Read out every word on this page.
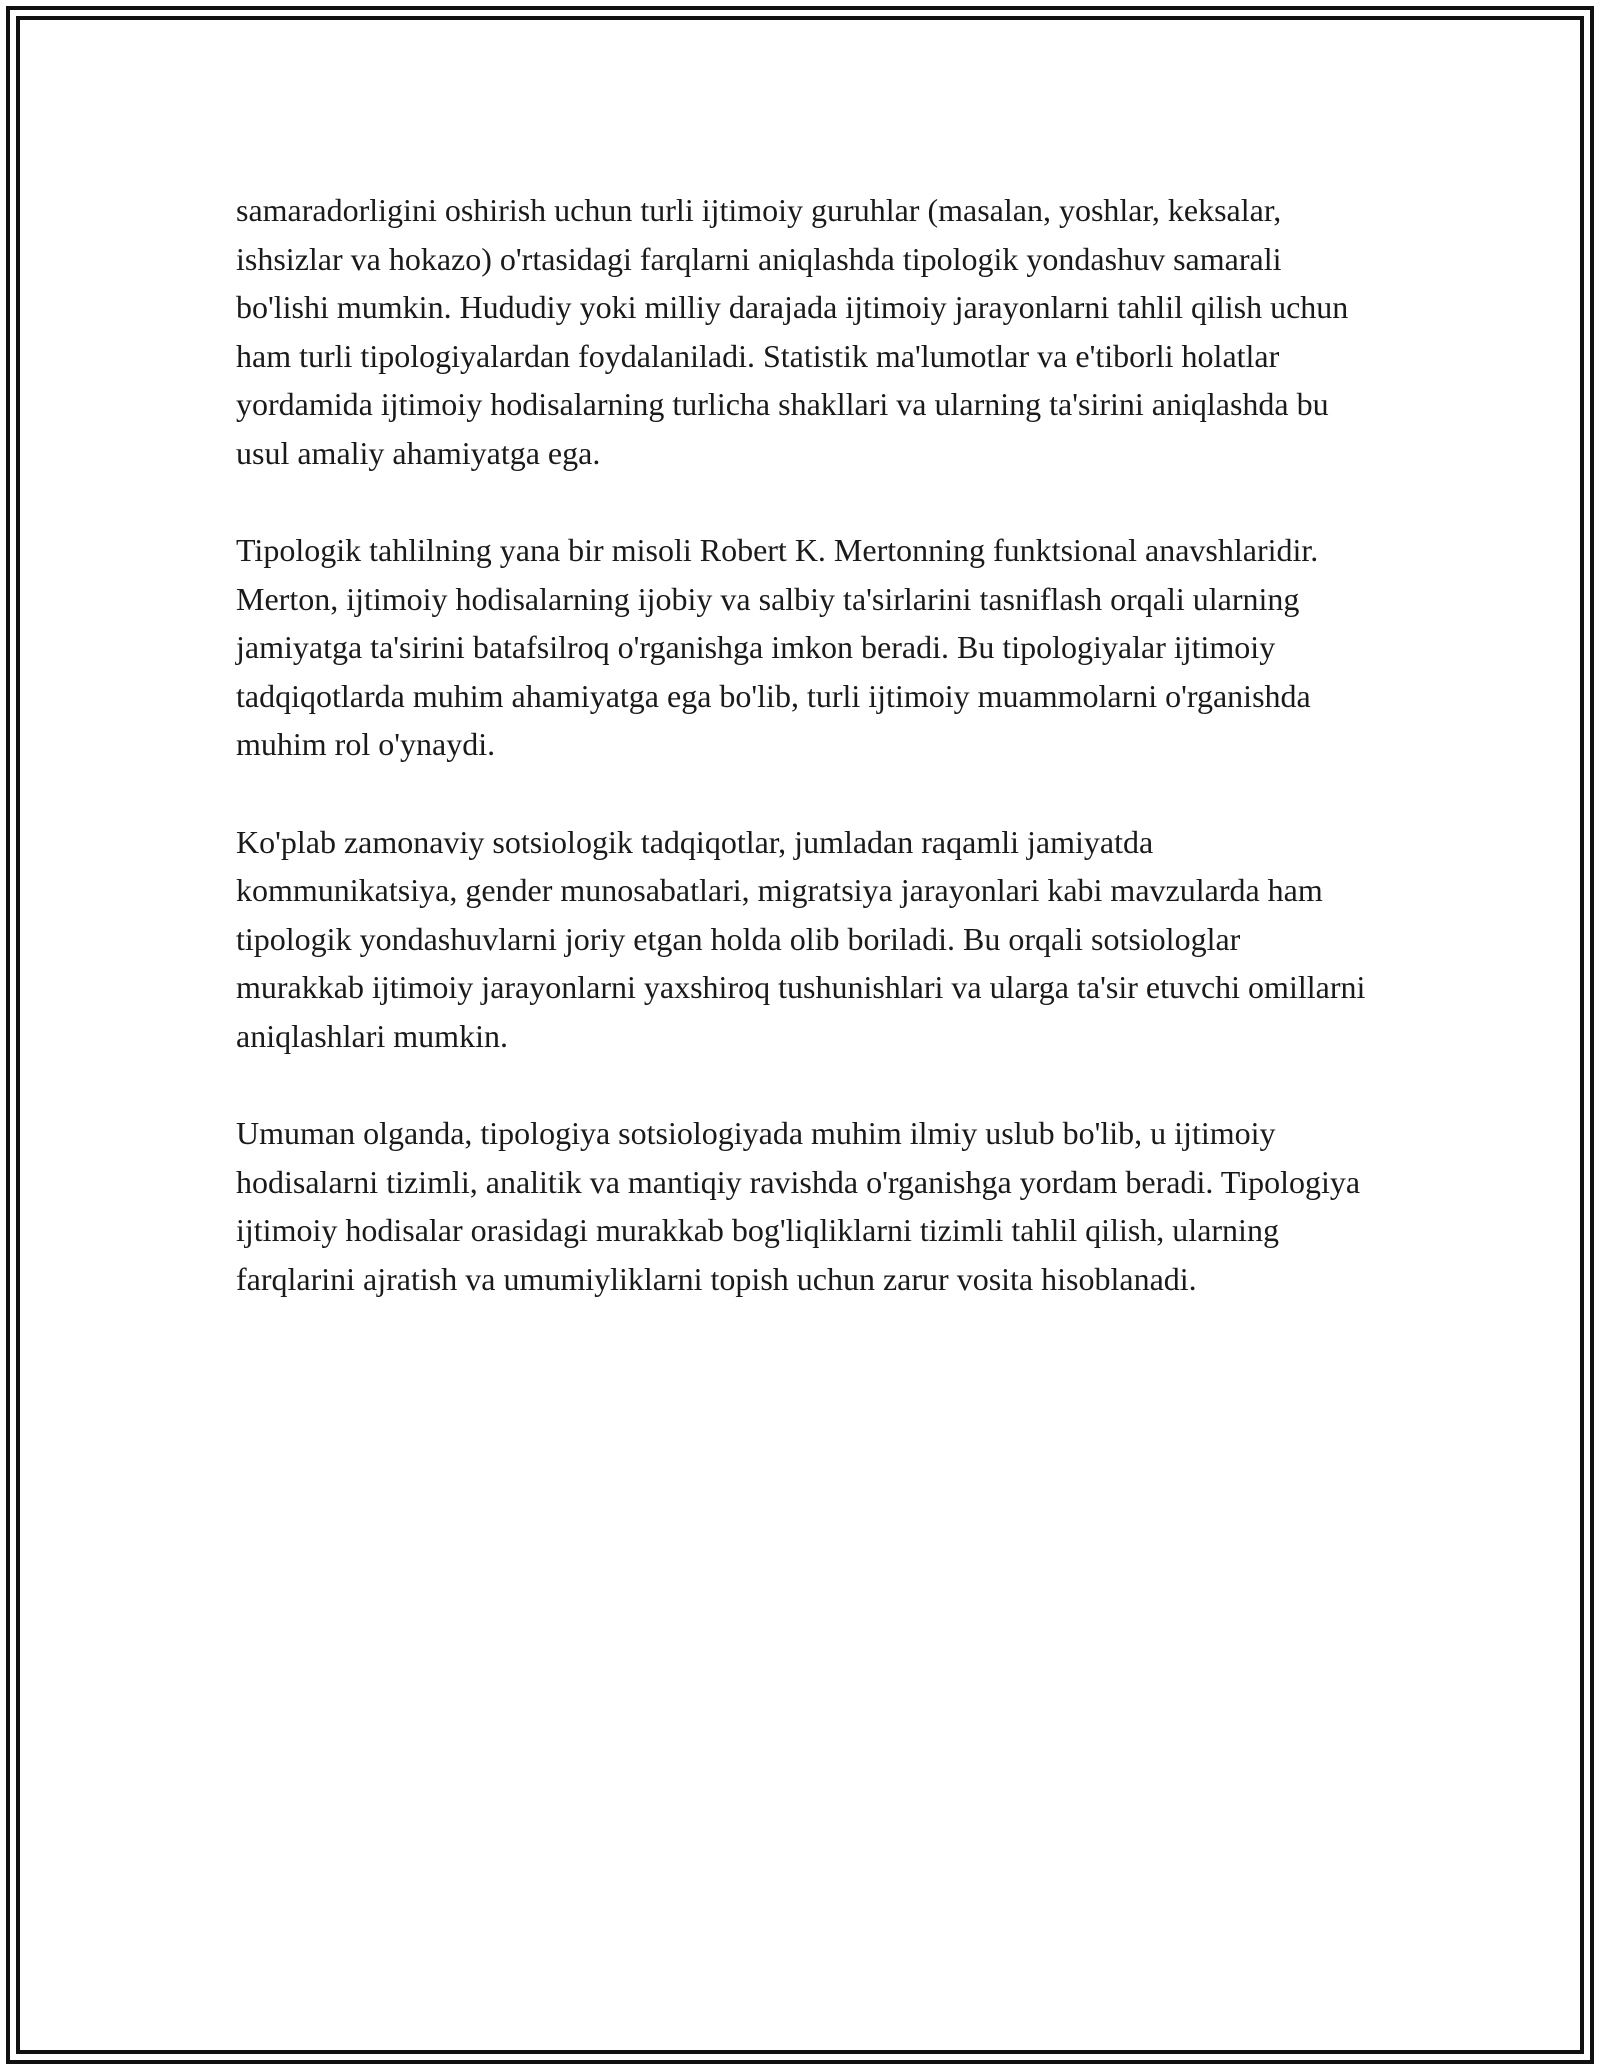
samaradorligini oshirish uchun turli ijtimoiy guruhlar (masalan, yoshlar, keksalar, ishsizlar va hokazo) o'rtasidagi farqlarni aniqlashda tipologik yondashuv samarali bo'lishi mumkin. Hududiy yoki milliy darajada ijtimoiy jarayonlarni tahlil qilish uchun ham turli tipologiyalardan foydalaniladi. Statistik ma'lumotlar va e'tiborli holatlar yordamida ijtimoiy hodisalarning turlicha shakllari va ularning ta'sirini aniqlashda bu usul amaliy ahamiyatga ega.

Tipologik tahlilning yana bir misoli Robert K. Mertonning funktsional anavshlaridir. Merton, ijtimoiy hodisalarning ijobiy va salbiy ta'sirlarini tasniflash orqali ularning jamiyatga ta'sirini batafsilroq o'rganishga imkon beradi. Bu tipologiyalar ijtimoiy tadqiqotlarda muhim ahamiyatga ega bo'lib, turli ijtimoiy muammolarni o'rganishda muhim rol o'ynaydi.

Ko'plab zamonaviy sotsiologik tadqiqotlar, jumladan raqamli jamiyatda kommunikatsiya, gender munosabatlari, migratsiya jarayonlari kabi mavzularda ham tipologik yondashuvlarni joriy etgan holda olib boriladi. Bu orqali sotsiologlar murakkab ijtimoiy jarayonlarni yaxshiroq tushunishlari va ularga ta'sir etuvchi omillarni aniqlashlari mumkin.

Umuman olganda, tipologiya sotsiologiyada muhim ilmiy uslub bo'lib, u ijtimoiy hodisalarni tizimli, analitik va mantiqiy ravishda o'rganishga yordam beradi. Tipologiya ijtimoiy hodisalar orasidagi murakkab bog'liqliklarni tizimli tahlil qilish, ularning farqlarini ajratish va umumiyliklarni topish uchun zarur vosita hisoblanadi.
